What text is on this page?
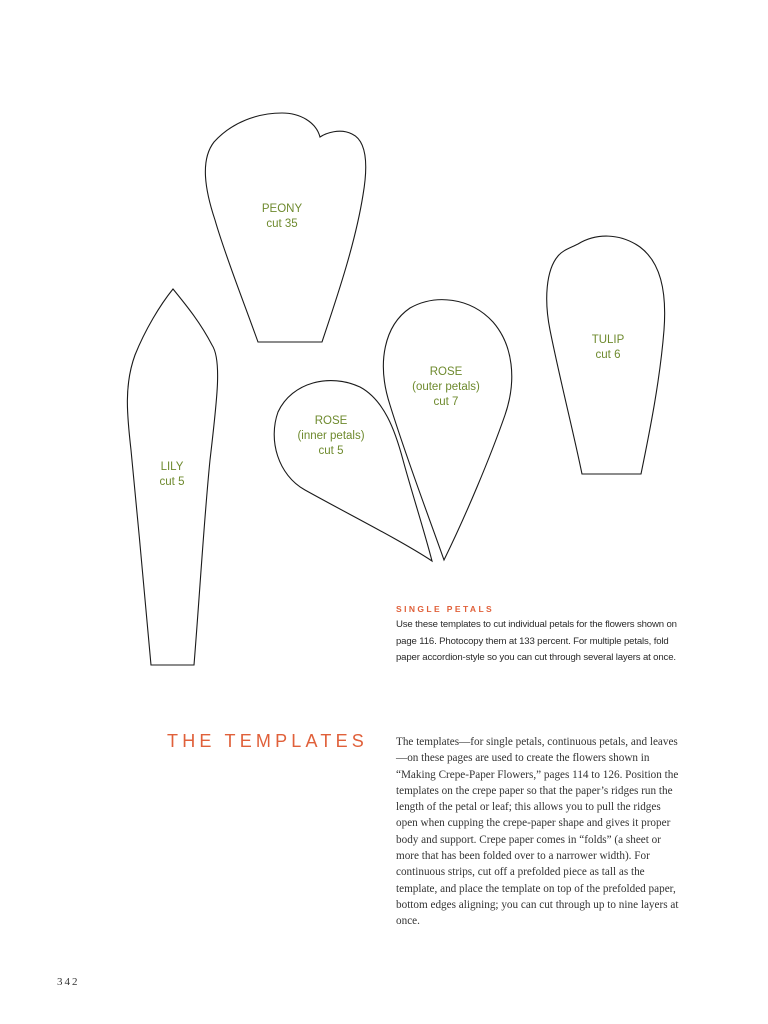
PEONY
cut 35
LILY
cut 5
ROSE
(inner petals)
cut 5
ROSE
(outer petals)
cut 7
TULIP
cut 6
SINGLE PETALS
Use these templates to cut individual petals for the flowers shown on page 116. Photocopy them at 133 percent. For multiple petals, fold paper accordion-style so you can cut through several layers at once.
THE TEMPLATES	The templates—for single petals, continuous petals, and leaves—on these pages are used to create the flowers shown in “Making Crepe-Paper Flowers,” pages 114 to 126. Position the templates on the crepe paper so that the paper’s ridges run the length of the petal or leaf; this allows you to pull the ridges open when cupping the crepe-paper shape and gives it proper body and support. Crepe paper comes in “folds” (a sheet or more that has been folded over to a narrower width). For continuous strips, cut off a prefolded piece as tall as the template, and place the template on top of the prefolded paper, bottom edges aligning; you can cut through up to nine layers at once.
342
